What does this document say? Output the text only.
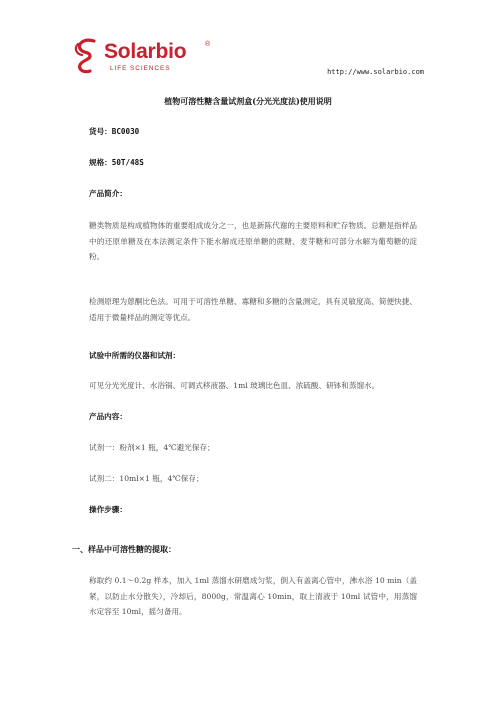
Solarbio	®
LIFE SCIENCES	http://www.solarbio.com
植物可溶性糖含量试剂盒(分光光度法)使用说明
货号：BC0030
规格：50T/48S
产品简介：
糖类物质是构成植物体的重要组成成分之一，也是新陈代谢的主要原料和贮存物质。总糖是指样品中的还原单糖及在本法测定条件下能水解成还原单糖的蔗糖、麦芽糖和可部分水解为葡萄糖的淀粉。
检测原理为蒽酮比色法。可用于可溶性单糖、寡糖和多糖的含量测定，具有灵敏度高、简便快捷、适用于微量样品的测定等优点。
试验中所需的仪器和试剂：
可见分光光度计、水浴锅、可调式移液器、1ml 玻璃比色皿、浓硫酸、研钵和蒸馏水。
产品内容：
试剂一：粉剂×1 瓶，4℃避光保存；
试剂二：10ml×1 瓶，4℃保存；
操作步骤：
一、样品中可溶性糖的提取：
称取约 0.1～0.2g 样本，加入 1ml 蒸馏水研磨成匀浆，倒入有盖离心管中，沸水浴 10 min（盖紧，以防止水分散失），冷却后，8000g，常温离心 10min，取上清液于 10ml 试管中，用蒸馏水定容至 10ml，摇匀备用。
